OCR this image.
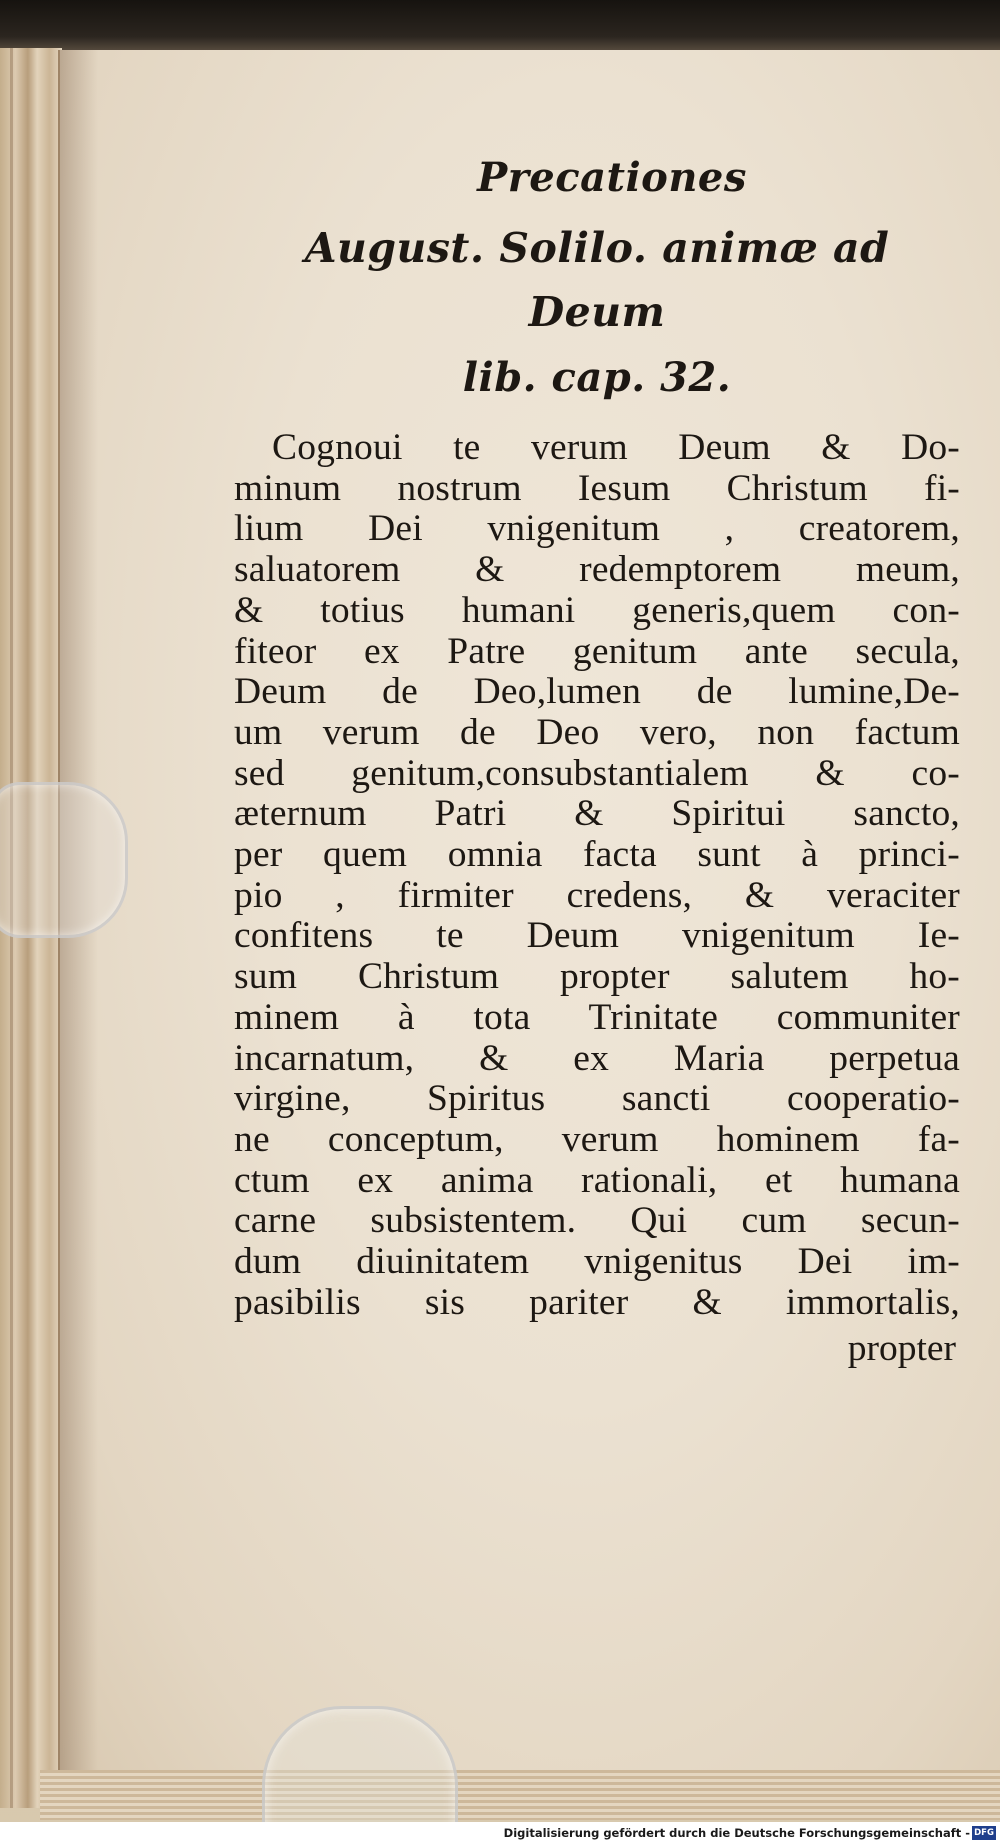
Precationes
August. Solilo. animæ ad Deum
lib. cap. 32.
Cognoui te verum Deum & Do-
minum nostrum Iesum Christum fi-
lium Dei vnigenitum , creatorem,
saluatorem & redemptorem meum,
& totius humani generis,quem con-
fiteor ex Patre genitum ante secula,
Deum de Deo,lumen de lumine,De-
um verum de Deo vero, non factum
sed genitum,consubstantialem & co-
æternum Patri & Spiritui sancto,
per quem omnia facta sunt à princi-
pio , firmiter credens, & veraciter
confitens te Deum vnigenitum Ie-
sum Christum propter salutem ho-
minem à tota Trinitate communiter
incarnatum, & ex Maria perpetua
virgine, Spiritus sancti cooperatio-
ne conceptum, verum hominem fa-
ctum ex anima rationali, et humana
carne subsistentem. Qui cum secun-
dum diuinitatem vnigenitus Dei im-
pasibilis sis pariter & immortalis,
propter
Digitalisierung gefördert durch die Deutsche Forschungsgemeinschaft - DFG
